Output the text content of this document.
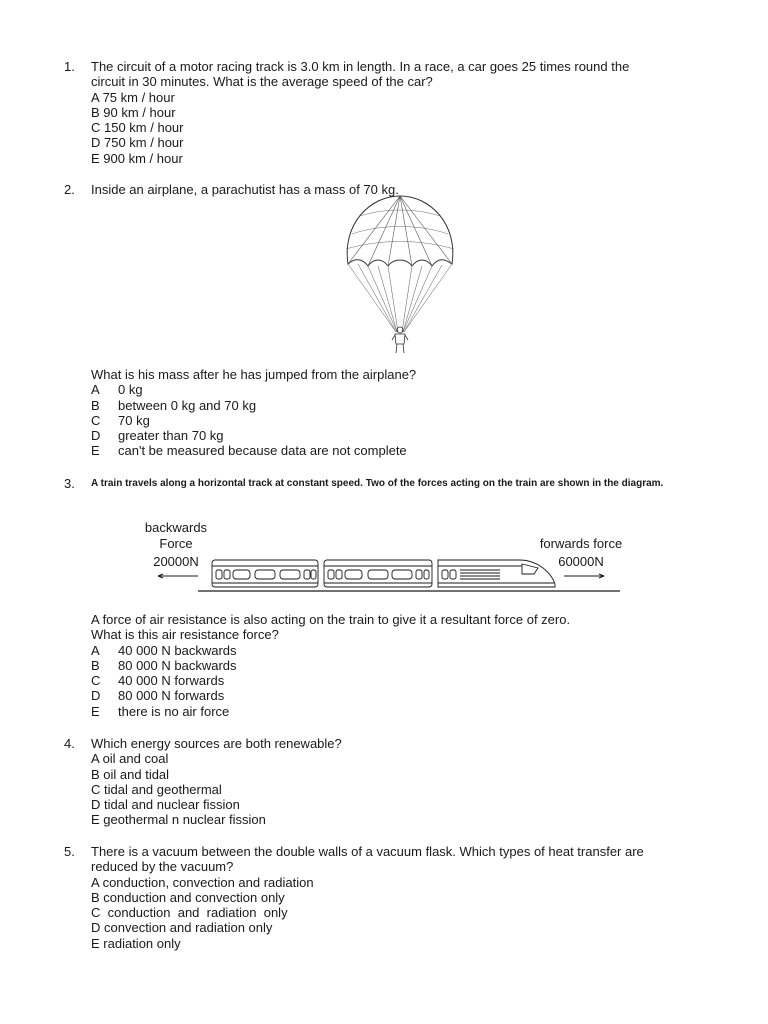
1. The circuit of a motor racing track is 3.0 km in length. In a race, a car goes 25 times round the
circuit in 30 minutes. What is the average speed of the car?
A 75 km / hour
B 90 km / hour
C 150 km / hour
D 750 km / hour
E 900 km / hour
2. Inside an airplane, a parachutist has a mass of 70 kg.
What is his mass after he has jumped from the airplane?
A 0 kg
B between 0 kg and 70 kg
C 70 kg
D greater than 70 kg
E can't be measured because data are not complete
3. A train travels along a horizontal track at constant speed. Two of the forces acting on the train are shown in the diagram.
backwards
Force
20000N
forwards force
60000N
A force of air resistance is also acting on the train to give it a resultant force of zero.
What is this air resistance force?
A 40 000 N backwards
B 80 000 N backwards
C 40 000 N forwards
D 80 000 N forwards
E there is no air force
4. Which energy sources are both renewable?
A oil and coal
B oil and tidal
C tidal and geothermal
D tidal and nuclear fission
E geothermal n nuclear fission
5. There is a vacuum between the double walls of a vacuum flask. Which types of heat transfer are
reduced by the vacuum?
A conduction, convection and radiation
B conduction and convection only
C  conduction  and  radiation  only
D convection and radiation only
E radiation only
